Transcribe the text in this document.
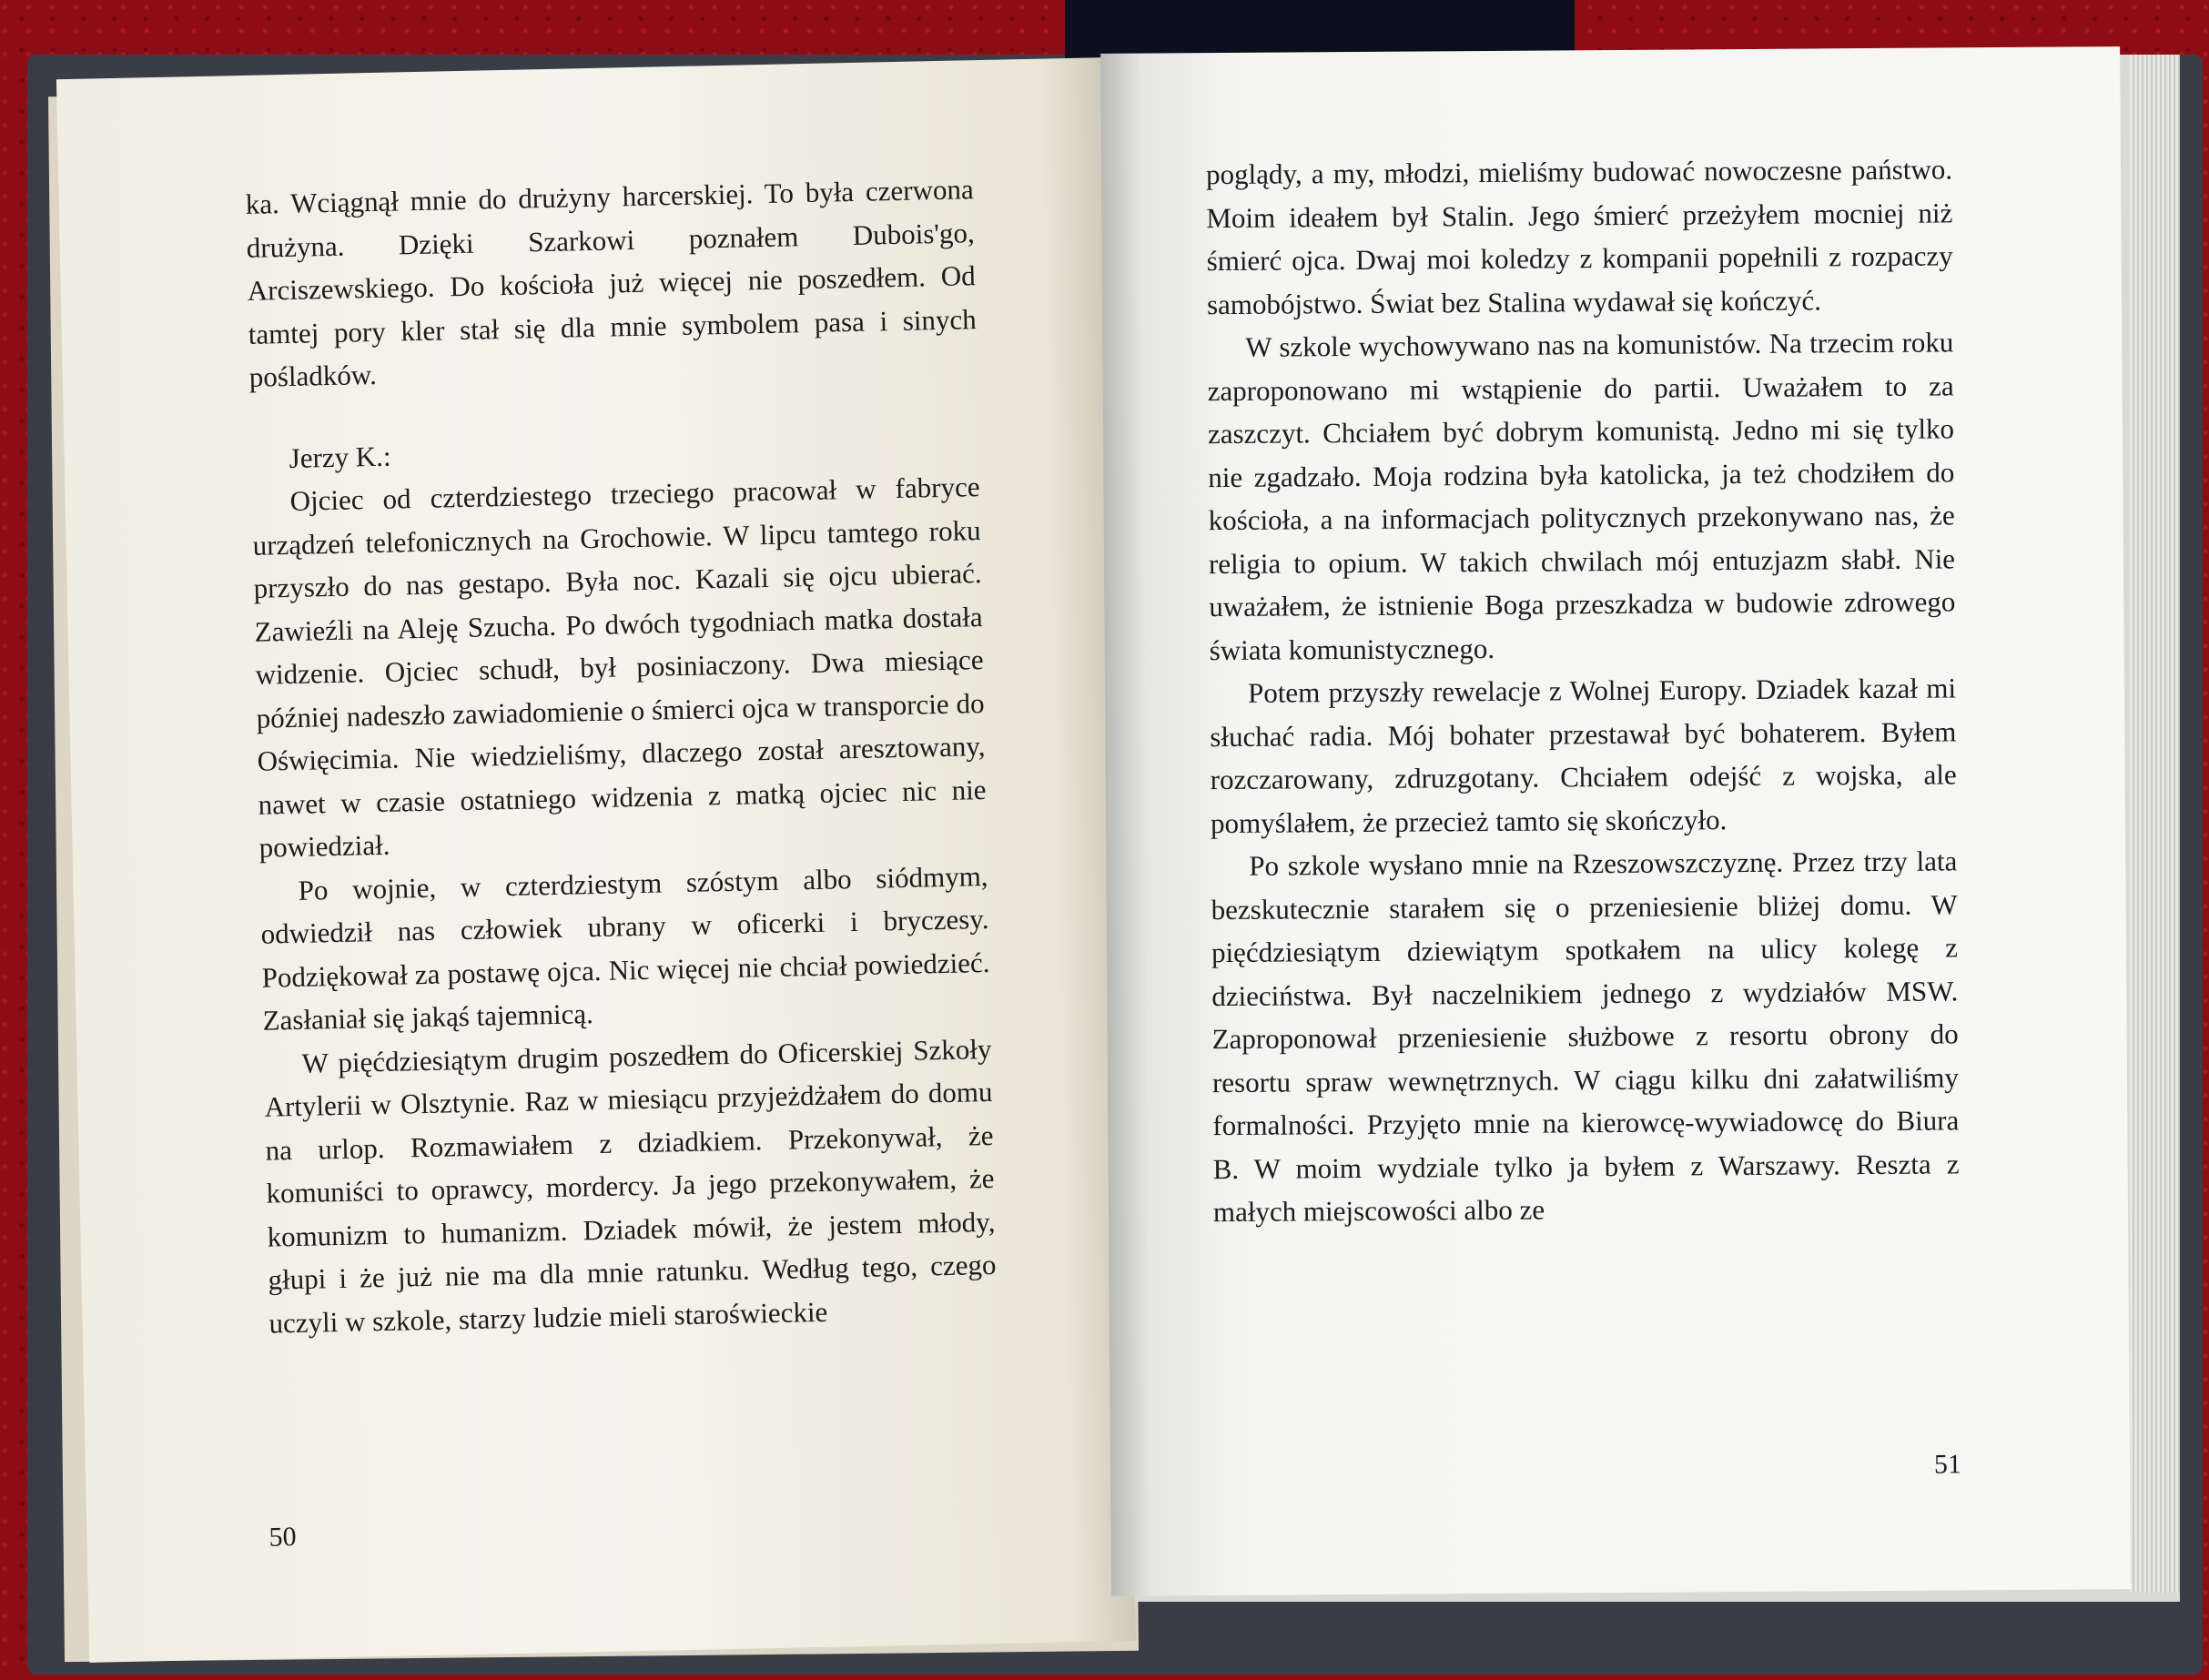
ka. Wciągnął mnie do drużyny harcerskiej. To była czerwona drużyna. Dzięki Szarkowi poznałem Dubois'go, Arciszewskiego. Do kościoła już więcej nie poszedłem. Od tamtej pory kler stał się dla mnie symbolem pasa i sinych pośladków.

Jerzy K.:

Ojciec od czterdziestego trzeciego pracował w fabryce urządzeń telefonicznych na Grochowie. W lipcu tamtego roku przyszło do nas gestapo. Była noc. Kazali się ojcu ubierać. Zawieźli na Aleję Szucha. Po dwóch tygodniach matka dostała widzenie. Ojciec schudł, był posiniaczony. Dwa miesiące później nadeszło zawiadomienie o śmierci ojca w transporcie do Oświęcimia. Nie wiedzieliśmy, dlaczego został aresztowany, nawet w czasie ostatniego widzenia z matką ojciec nic nie powiedział.

Po wojnie, w czterdziestym szóstym albo siódmym, odwiedził nas człowiek ubrany w oficerki i bryczesy. Podziękował za postawę ojca. Nic więcej nie chciał powiedzieć. Zasłaniał się jakąś tajemnicą.

W pięćdziesiątym drugim poszedłem do Oficerskiej Szkoły Artylerii w Olsztynie. Raz w miesiącu przyjeżdżałem do domu na urlop. Rozmawiałem z dziadkiem. Przekonywał, że komuniści to oprawcy, mordercy. Ja jego przekonywałem, że komunizm to humanizm. Dziadek mówił, że jestem młody, głupi i że już nie ma dla mnie ratunku. Według tego, czego uczyli w szkole, starzy ludzie mieli staroświeckie

50

poglądy, a my, młodzi, mieliśmy budować nowoczesne państwo. Moim ideałem był Stalin. Jego śmierć przeżyłem mocniej niż śmierć ojca. Dwaj moi koledzy z kompanii popełnili z rozpaczy samobójstwo. Świat bez Stalina wydawał się kończyć.

W szkole wychowywano nas na komunistów. Na trzecim roku zaproponowano mi wstąpienie do partii. Uważałem to za zaszczyt. Chciałem być dobrym komunistą. Jedno mi się tylko nie zgadzało. Moja rodzina była katolicka, ja też chodziłem do kościoła, a na informacjach politycznych przekonywano nas, że religia to opium. W takich chwilach mój entuzjazm słabł. Nie uważałem, że istnienie Boga przeszkadza w budowie zdrowego świata komunistycznego.

Potem przyszły rewelacje z Wolnej Europy. Dziadek kazał mi słuchać radia. Mój bohater przestawał być bohaterem. Byłem rozczarowany, zdruzgotany. Chciałem odejść z wojska, ale pomyślałem, że przecież tamto się skończyło.

Po szkole wysłano mnie na Rzeszowszczyznę. Przez trzy lata bezskutecznie starałem się o przeniesienie bliżej domu. W pięćdziesiątym dziewiątym spotkałem na ulicy kolegę z dzieciństwa. Był naczelnikiem jednego z wydziałów MSW. Zaproponował przeniesienie służbowe z resortu obrony do resortu spraw wewnętrznych. W ciągu kilku dni załatwiliśmy formalności. Przyjęto mnie na kierowcę-wywiadowcę do Biura B. W moim wydziale tylko ja byłem z Warszawy. Reszta z małych miejscowości albo ze

51
